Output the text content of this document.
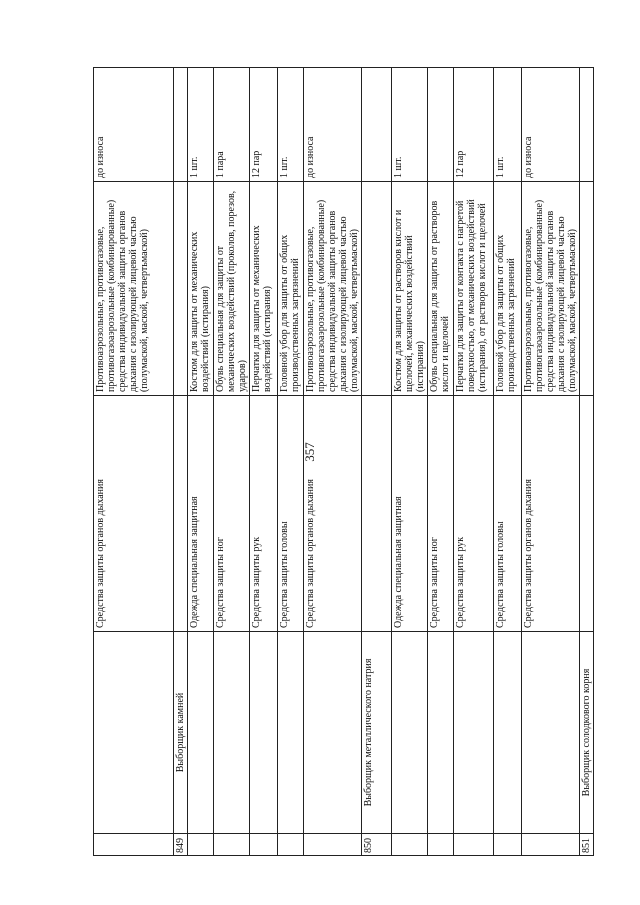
357
		Средства защиты органов дыхания	Противоаэрозольные, противогазовые, противогазоаэрозольные (комбинированные) средства индивидуальной защиты органов дыхания с изолирующей лицевой частью (полумаской, маской, четвертьмаской)	до износа
849	Выборщик камней			
		Одежда специальная защитная	Костюм для защиты от механических воздействий (истирания)	1 шт.
		Средства защиты ног	Обувь специальная для защиты от механических воздействий (проколов, порезов, ударов)	1 пара
		Средства защиты рук	Перчатки для защиты от механических воздействий (истирания)	12 пар
		Средства защиты головы	Головной убор для защиты от общих производственных загрязнений	1 шт.
		Средства защиты органов дыхания	Противоаэрозольные, противогазовые, противогазоаэрозольные (комбинированные) средства индивидуальной защиты органов дыхания с изолирующей лицевой частью (полумаской, маской, четвертьмаской)	до износа
850	Выборщик металлического натрия			
		Одежда специальная защитная	Костюм для защиты от растворов кислот и щелочей, механических воздействий (истирания)	1 шт.
		Средства защиты ног	Обувь специальная для защиты от растворов кислот и щелочей	
		Средства защиты рук	Перчатки для защиты от контакта с нагретой поверхностью, от механических воздействий (истирания), от растворов кислот и щелочей	12 пар
		Средства защиты головы	Головной убор для защиты от общих производственных загрязнений	1 шт.
		Средства защиты органов дыхания	Противоаэрозольные, противогазовые, противогазоаэрозольные (комбинированные) средства индивидуальной защиты органов дыхания с изолирующей лицевой частью (полумаской, маской, четвертьмаской)	до износа
851	Выборщик солодкового корня			
